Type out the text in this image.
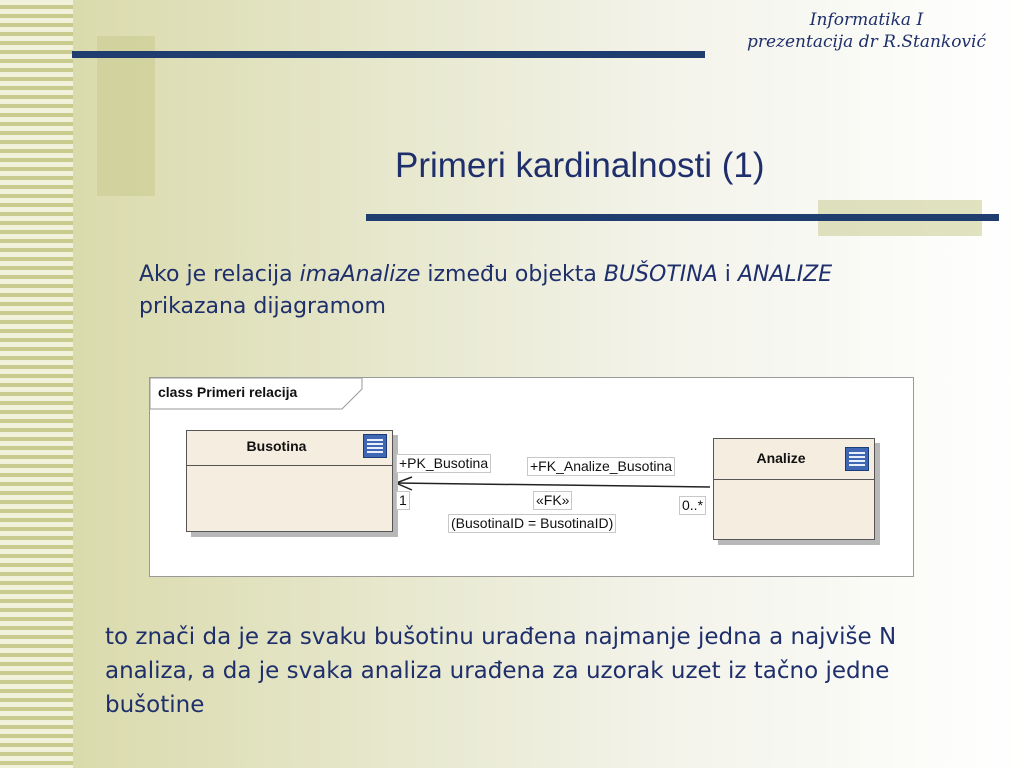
Informatika I
prezentacija dr R.Stanković
Primeri kardinalnosti (1)
Ako je relacija imaAnalize između objekta BUŠOTINA i ANALIZE
prikazana dijagramom
class Primeri relacija
Busotina
Analize
+PK_Busotina	+FK_Analize_Busotina
1	«FK»	0..*
(BusotinaID = BusotinaID)
to znači da je za svaku bušotinu urađena najmanje jedna a najviše N analiza, a da je svaka analiza urađena za uzorak uzet iz tačno jedne bušotine
